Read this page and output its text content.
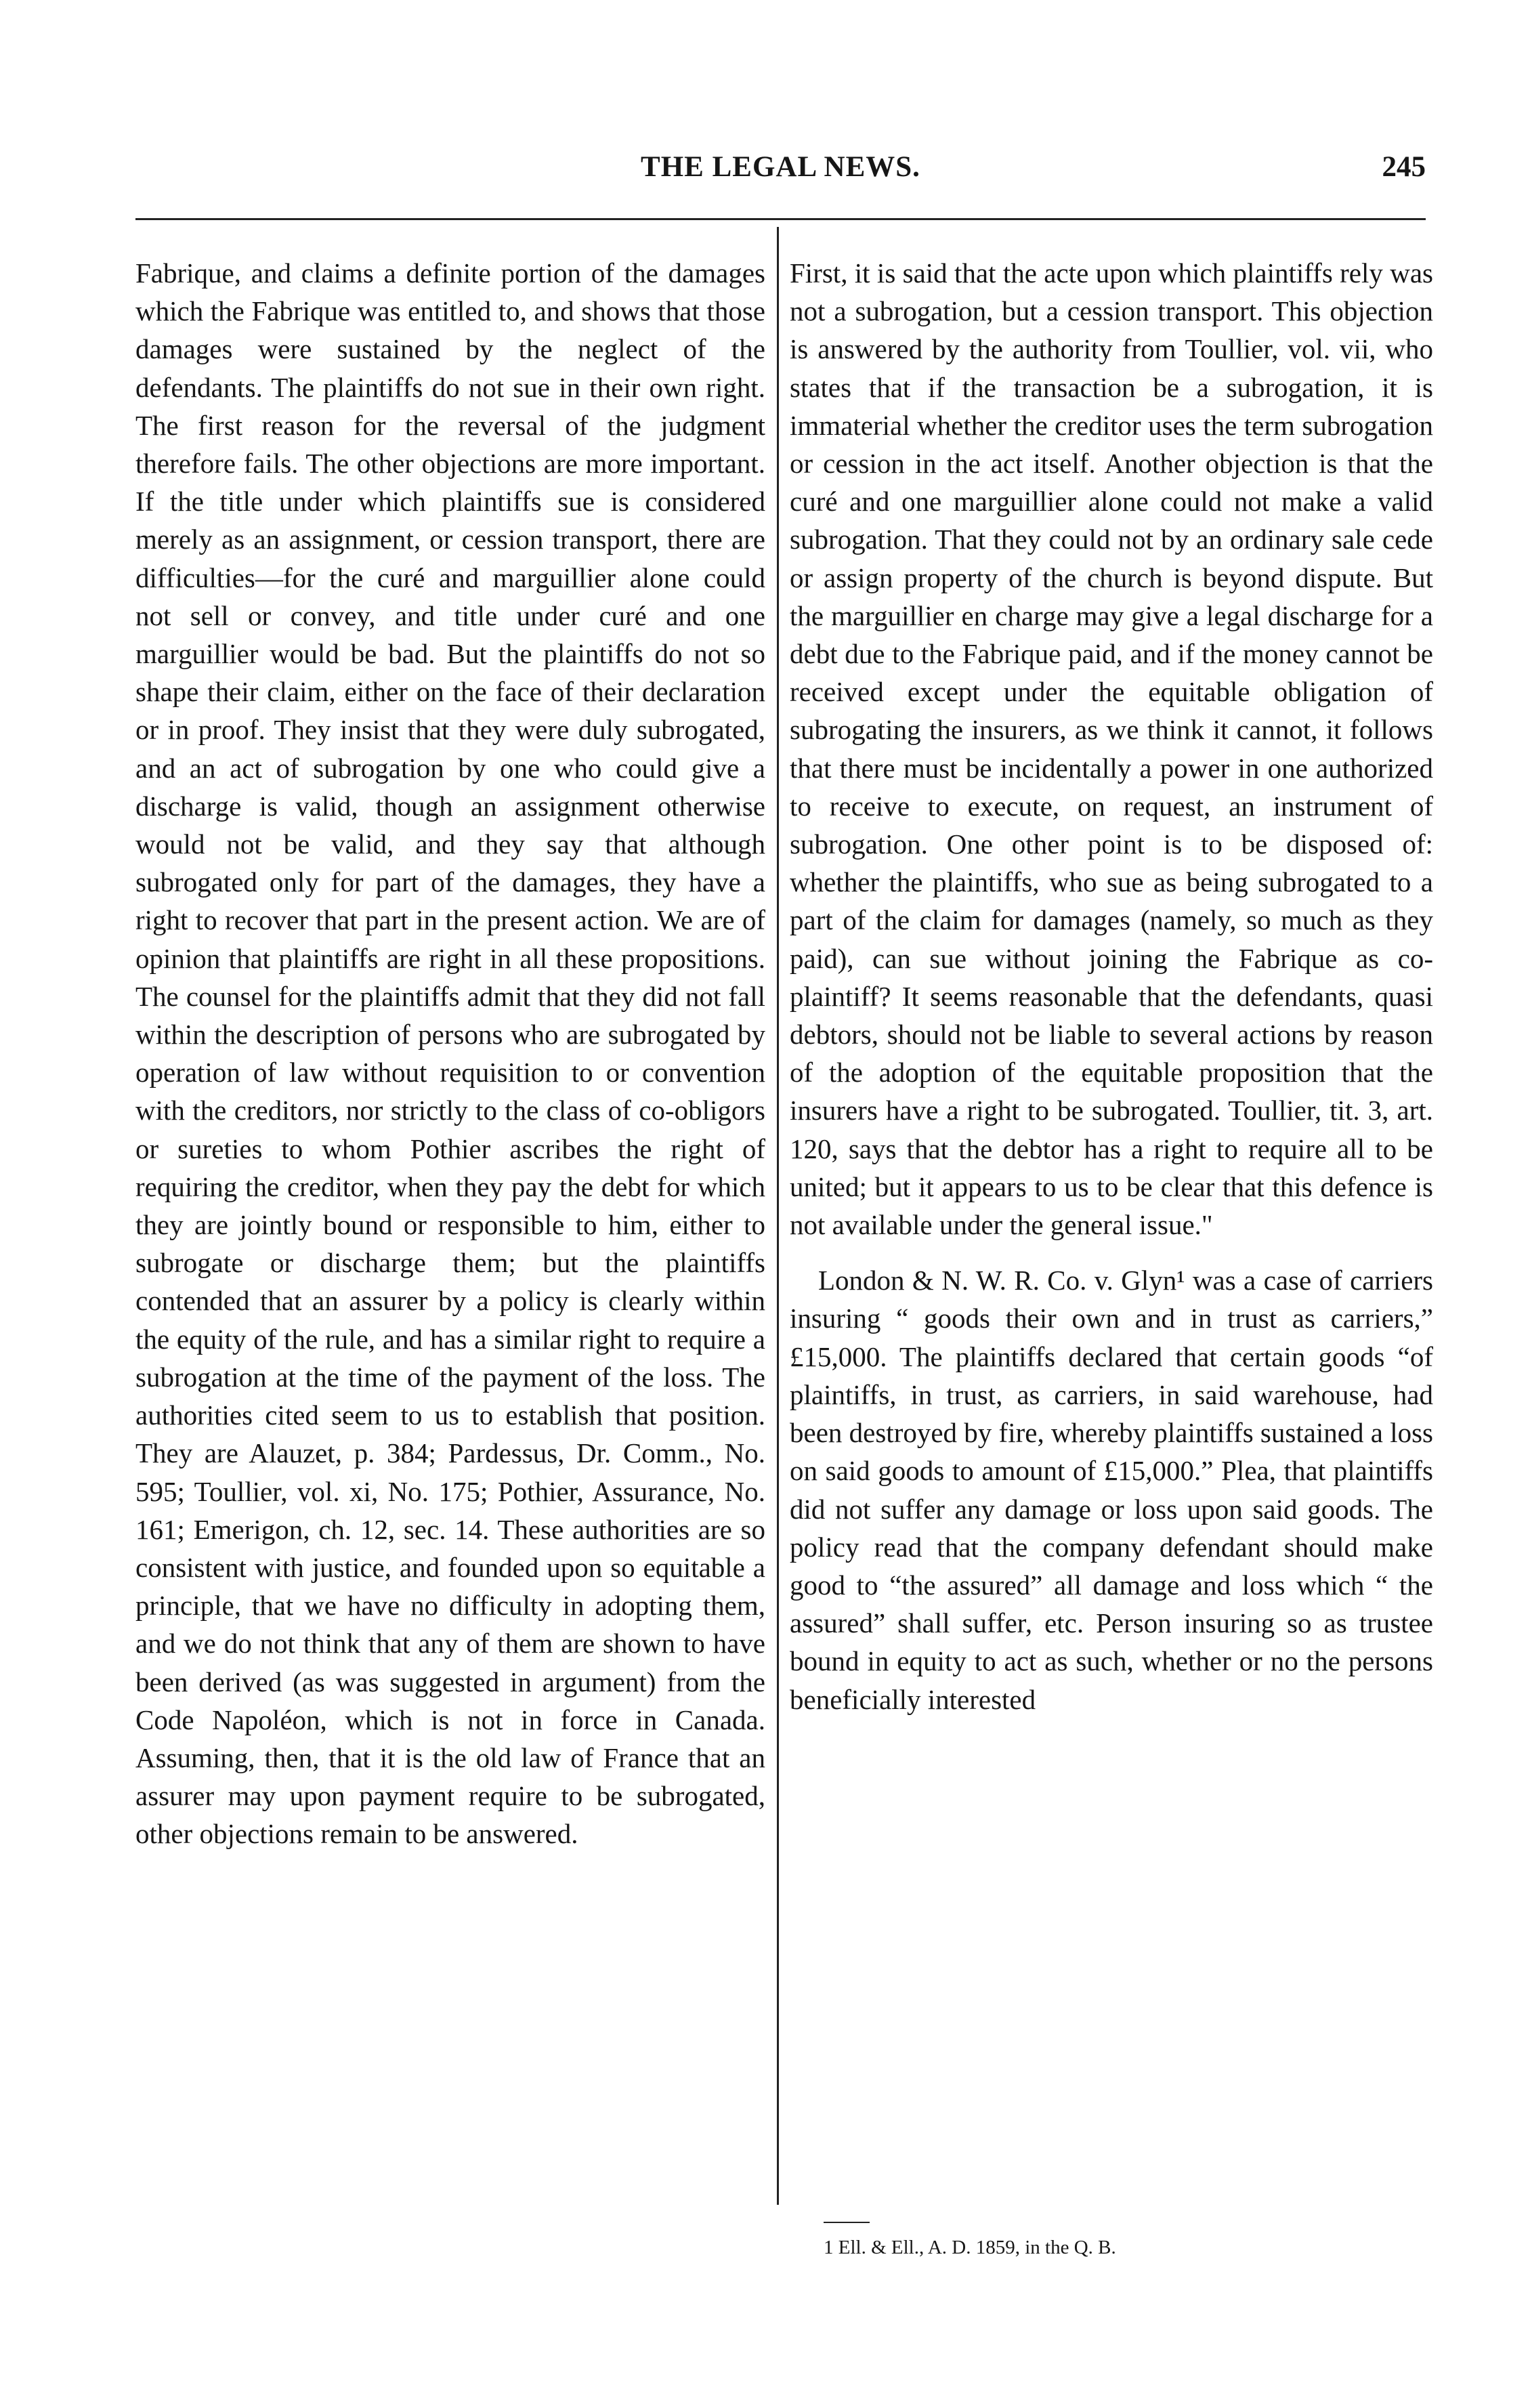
THE LEGAL NEWS.	245

Fabrique, and claims a definite portion of the damages which the Fabrique was entitled to, and shows that those damages were sustained by the neglect of the defendants. The plaintiffs do not sue in their own right. The first reason for the reversal of the judgment therefore fails. The other objections are more important. If the title under which plaintiffs sue is considered merely as an assignment, or cession transport, there are difficulties—for the curé and marguillier alone could not sell or convey, and title under curé and one marguillier would be bad. But the plaintiffs do not so shape their claim, either on the face of their declaration or in proof. They insist that they were duly subrogated, and an act of subrogation by one who could give a discharge is valid, though an assignment otherwise would not be valid, and they say that although subrogated only for part of the damages, they have a right to recover that part in the present action. We are of opinion that plaintiffs are right in all these propositions. The counsel for the plaintiffs admit that they did not fall within the description of persons who are subrogated by operation of law without requisition to or convention with the creditors, nor strictly to the class of co-obligors or sureties to whom Pothier ascribes the right of requiring the creditor, when they pay the debt for which they are jointly bound or responsible to him, either to subrogate or discharge them; but the plaintiffs contended that an assurer by a policy is clearly within the equity of the rule, and has a similar right to require a subrogation at the time of the payment of the loss. The authorities cited seem to us to establish that position. They are Alauzet, p. 384; Pardessus, Dr. Comm., No. 595; Toullier, vol. xi, No. 175; Pothier, Assurance, No. 161; Emerigon, ch. 12, sec. 14. These authorities are so consistent with justice, and founded upon so equitable a principle, that we have no difficulty in adopting them, and we do not think that any of them are shown to have been derived (as was suggested in argument) from the Code Napoléon, which is not in force in Canada. Assuming, then, that it is the old law of France that an assurer may upon payment require to be subrogated, other objections remain to be answered.

First, it is said that the acte upon which plaintiffs rely was not a subrogation, but a cession transport. This objection is answered by the authority from Toullier, vol. vii, who states that if the transaction be a subrogation, it is immaterial whether the creditor uses the term subrogation or cession in the act itself. Another objection is that the curé and one marguillier alone could not make a valid subrogation. That they could not by an ordinary sale cede or assign property of the church is beyond dispute. But the marguillier en charge may give a legal discharge for a debt due to the Fabrique paid, and if the money cannot be received except under the equitable obligation of subrogating the insurers, as we think it cannot, it follows that there must be incidentally a power in one authorized to receive to execute, on request, an instrument of subrogation. One other point is to be disposed of: whether the plaintiffs, who sue as being subrogated to a part of the claim for damages (namely, so much as they paid), can sue without joining the Fabrique as co-plaintiff? It seems reasonable that the defendants, quasi debtors, should not be liable to several actions by reason of the adoption of the equitable proposition that the insurers have a right to be subrogated. Toullier, tit. 3, art. 120, says that the debtor has a right to require all to be united; but it appears to us to be clear that this defence is not available under the general issue."

London & N. W. R. Co. v. Glyn¹ was a case of carriers insuring “ goods their own and in trust as carriers,” £15,000. The plaintiffs declared that certain goods “of plaintiffs, in trust, as carriers, in said warehouse, had been destroyed by fire, whereby plaintiffs sustained a loss on said goods to amount of £15,000.” Plea, that plaintiffs did not suffer any damage or loss upon said goods. The policy read that the company defendant should make good to “the assured” all damage and loss which “ the assured” shall suffer, etc. Person insuring so as trustee bound in equity to act as such, whether or no the persons beneficially interested

1 Ell. & Ell., A. D. 1859, in the Q. B.
